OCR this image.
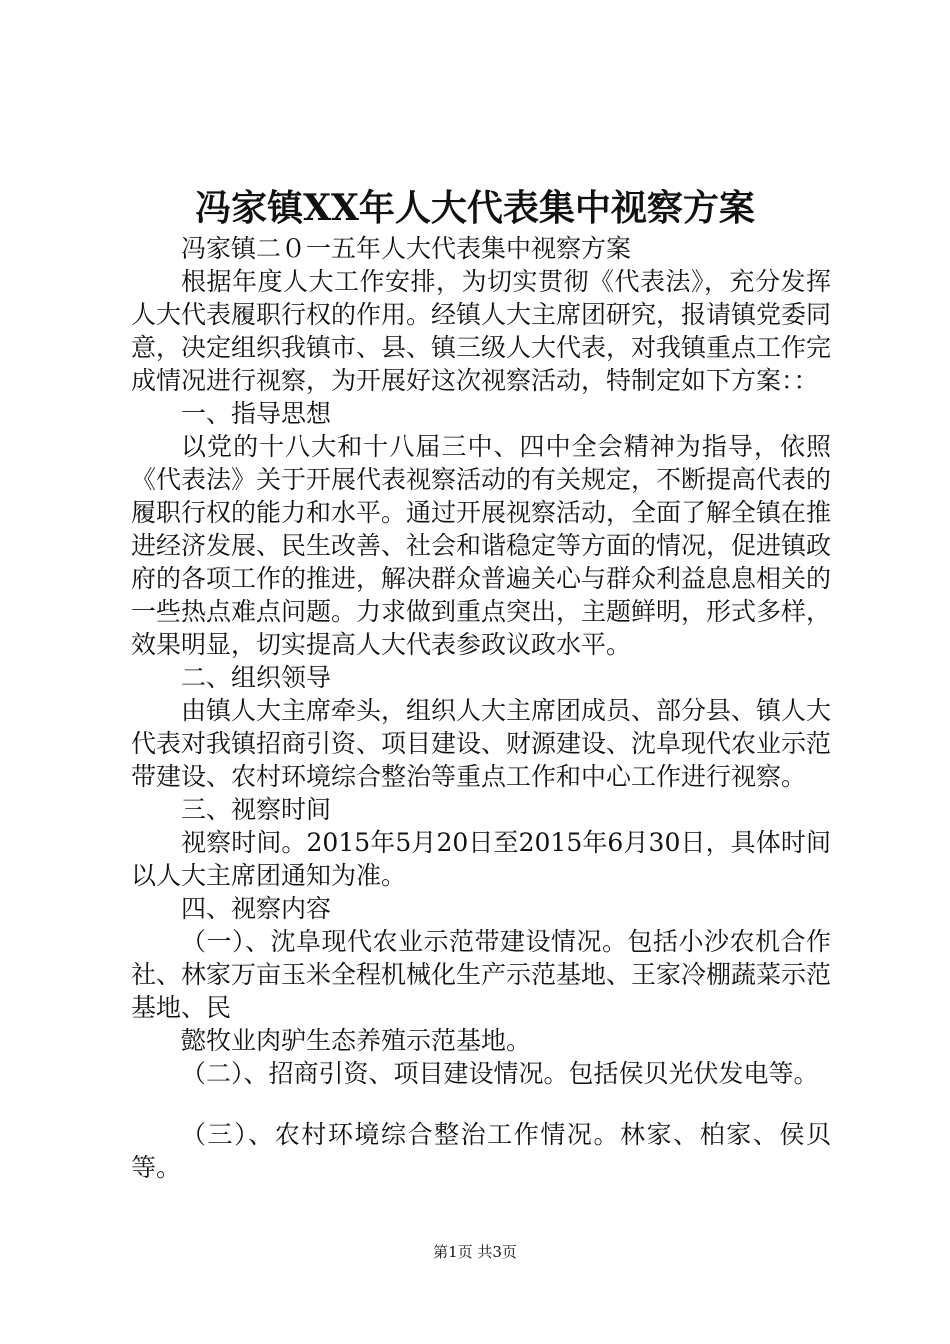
冯家镇XX年人大代表集中视察方案

冯家镇二０一五年人大代表集中视察方案

根据年度人大工作安排，为切实贯彻《代表法》，充分发挥人大代表履职行权的作用。经镇人大主席团研究，报请镇党委同意，决定组织我镇市、县、镇三级人大代表，对我镇重点工作完成情况进行视察，为开展好这次视察活动，特制定如下方案：：

一、指导思想

以党的十八大和十八届三中、四中全会精神为指导，依照《代表法》关于开展代表视察活动的有关规定，不断提高代表的履职行权的能力和水平。通过开展视察活动，全面了解全镇在推进经济发展、民生改善、社会和谐稳定等方面的情况，促进镇政府的各项工作的推进，解决群众普遍关心与群众利益息息相关的一些热点难点问题。力求做到重点突出，主题鲜明，形式多样，效果明显，切实提高人大代表参政议政水平。

二、组织领导

由镇人大主席牵头，组织人大主席团成员、部分县、镇人大代表对我镇招商引资、项目建设、财源建设、沈阜现代农业示范带建设、农村环境综合整治等重点工作和中心工作进行视察。

三、视察时间

视察时间。2015年5月20日至2015年6月30日，具体时间以人大主席团通知为准。

四、视察内容

（一）、沈阜现代农业示范带建设情况。包括小沙农机合作社、林家万亩玉米全程机械化生产示范基地、王家冷棚蔬菜示范基地、民

懿牧业肉驴生态养殖示范基地。

（二）、招商引资、项目建设情况。包括侯贝光伏发电等。

（三）、农村环境综合整治工作情况。林家、柏家、侯贝等。

第1页 共3页
